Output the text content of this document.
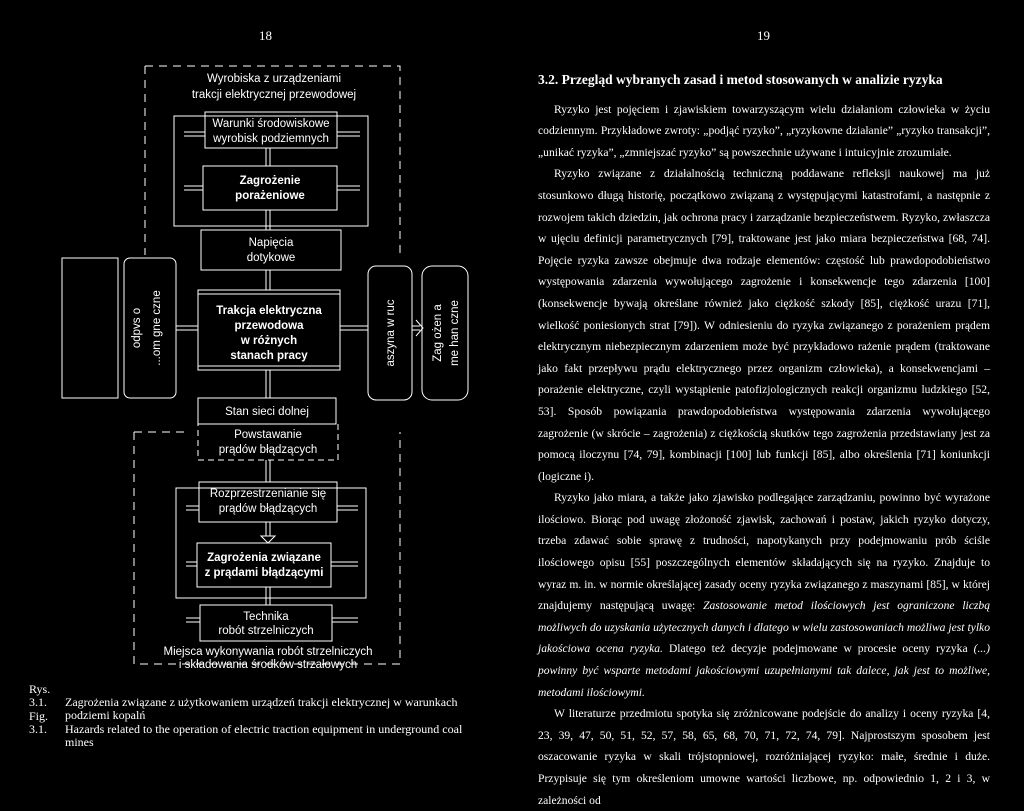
18	19
Wyrobiska z urządzeniami
trakcji elektrycznej przewodowej
Warunki środowiskowe
wyrobisk podziemnych
Zagrożenie
porażeniowe
Napięcia
dotykowe
Trakcja elektryczna
przewodowa
w różnych
stanach pracy
Stan sieci dolnej
Powstawanie
prądów błądzących
Rozprzestrzenianie się
prądów błądzących
Zagrożenia związane
z prądami błądzącymi
Technika
robót strzelniczych
Miejsca wykonywania robót strzelniczych
i składowania środków strzałowych
odpvs o ...om gne czne	aszyna w ruc	Zag ożen a me han czne
Rys. 3.1. Zagrożenia związane z użytkowaniem urządzeń trakcji elektrycznej w warunkach
podziemi kopalń
Fig. 3.1. Hazards related to the operation of electric traction equipment in underground coal
mines
3.2. Przegląd wybranych zasad i metod stosowanych w analizie ryzyka

Ryzyko jest pojęciem i zjawiskiem towarzyszącym wielu działaniom człowieka w życiu codziennym. Przykładowe zwroty: „podjąć ryzyko”, „ryzykowne działanie” „ryzyko transakcji”, „unikać ryzyka”, „zmniejszać ryzyko” są powszechnie używane i intuicyjnie zrozumiałe.

Ryzyko związane z działalnością techniczną poddawane refleksji naukowej ma już stosunkowo długą historię, początkowo związaną z występującymi katastrofami, a następnie z rozwojem takich dziedzin, jak ochrona pracy i zarządzanie bezpieczeństwem. Ryzyko, zwłaszcza w ujęciu definicji parametrycznych [79], traktowane jest jako miara bezpieczeństwa [68, 74]. Pojęcie ryzyka zawsze obejmuje dwa rodzaje elementów: częstość lub prawdopodobieństwo występowania zdarzenia wywołującego zagrożenie i konsekwencje tego zdarzenia [100] (konsekwencje bywają określane również jako ciężkość szkody [85], ciężkość urazu [71], wielkość poniesionych strat [79]). W odniesieniu do ryzyka związanego z porażeniem prądem elektrycznym niebezpiecznym zdarzeniem może być przykładowo rażenie prądem (traktowane jako fakt przepływu prądu elektrycznego przez organizm człowieka), a konsekwencjami – porażenie elektryczne, czyli wystąpienie patofizjologicznych reakcji organizmu ludzkiego [52, 53]. Sposób powiązania prawdopodobieństwa występowania zdarzenia wywołującego zagrożenie (w skrócie – zagrożenia) z ciężkością skutków tego zagrożenia przedstawiany jest za pomocą iloczynu [74, 79], kombinacji [100] lub funkcji [85], albo określenia [71] koniunkcji (logiczne i).

Ryzyko jako miara, a także jako zjawisko podlegające zarządzaniu, powinno być wyrażone ilościowo. Biorąc pod uwagę złożoność zjawisk, zachowań i postaw, jakich ryzyko dotyczy, trzeba zdawać sobie sprawę z trudności, napotykanych przy podejmowaniu prób ściśle ilościowego opisu [55] poszczególnych elementów składających się na ryzyko. Znajduje to wyraz m. in. w normie określającej zasady oceny ryzyka związanego z maszynami [85], w której znajdujemy następującą uwagę: Zastosowanie metod ilościowych jest ograniczone liczbą możliwych do uzyskania użytecznych danych i dlatego w wielu zastosowaniach możliwa jest tylko jakościowa ocena ryzyka. Dlatego też decyzje podejmowane w procesie oceny ryzyka (...) powinny być wsparte metodami jakościowymi uzupełnianymi tak dalece, jak jest to możliwe, metodami ilościowymi.

W literaturze przedmiotu spotyka się zróżnicowane podejście do analizy i oceny ryzyka [4, 23, 39, 47, 50, 51, 52, 57, 58, 65, 68, 70, 71, 72, 74, 79]. Najprostszym sposobem jest oszacowanie ryzyka w skali trójstopniowej, rozróżniającej ryzyko: małe, średnie i duże. Przypisuje się tym określeniom umowne wartości liczbowe, np. odpowiednio 1, 2 i 3, w zależności od
